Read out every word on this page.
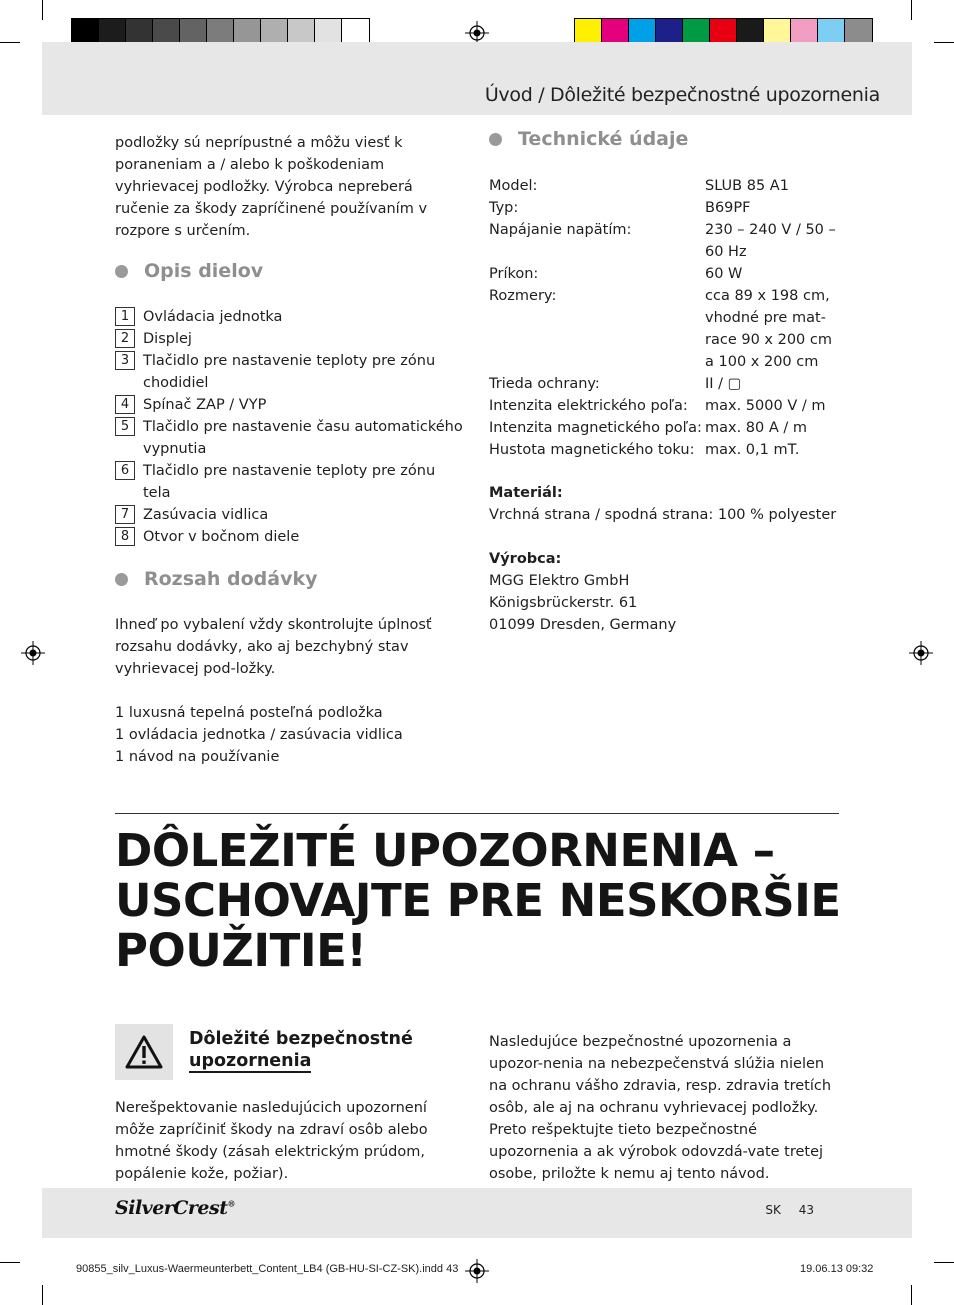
Úvod / Dôležité bezpečnostné upozornenia

podložky sú neprípustné a môžu viesť k poraneniam a / alebo k poškodeniam vyhrievacej podložky. Výrobca nepreberá ručenie za škody zapríčinené používaním v rozpore s určením.

Opis dielov
1 Ovládacia jednotka
2 Displej
3 Tlačidlo pre nastavenie teploty pre zónu chodidiel
4 Spínač ZAP / VYP
5 Tlačidlo pre nastavenie času automatického vypnutia
6 Tlačidlo pre nastavenie teploty pre zónu tela
7 Zasúvacia vidlica
8 Otvor v bočnom diele
Rozsah dodávky

Ihneď po vybalení vždy skontrolujte úplnosť rozsahu dodávky, ako aj bezchybný stav vyhrievacej pod-ložky.

1 luxusná tepelná posteľná podložka

1 ovládacia jednotka / zasúvacia vidlica

1 návod na používanie

Technické údaje
Model:	SLUB 85 A1
Typ:	B69PF
Napájanie napätím:	230 – 240 V / 50 – 60 Hz
Príkon:	60 W
Rozmery:	cca 89 x 198 cm, vhodné pre mat-race 90 x 200 cm a 100 x 200 cm
Trieda ochrany:	II / ▢
Intenzita elektrického poľa:	max. 5000 V / m
Intenzita magnetického poľa: max. 80 A / m
Hustota magnetického toku: max. 0,1 mT.

Materiál:

Vrchná strana / spodná strana: 100 % polyester

Výrobca:

MGG Elektro GmbH

Königsbrückerstr. 61

01099 Dresden, Germany

DÔLEŽITÉ UPOZORNENIA –
USCHOVAJTE PRE NESKORŠIE
POUŽITIE!
Dôležité bezpečnostné
upozornenia

Nerešpektovanie nasledujúcich upozornení môže zapríčiniť škody na zdraví osôb alebo hmotné škody (zásah elektrickým prúdom, popálenie kože, požiar).

Nasledujúce bezpečnostné upozornenia a upozor-nenia na nebezpečenstvá slúžia nielen na ochranu vášho zdravia, resp. zdravia tretích osôb, ale aj na ochranu vyhrievacej podložky. Preto rešpektujte tieto bezpečnostné upozornenia a ak výrobok odovzdá-vate tretej osobe, priložte k nemu aj tento návod.

SilverCrest®	SK 43
90855_silv_Luxus-Waermeunterbett_Content_LB4 (GB-HU-SI-CZ-SK).indd 43	19.06.13 09:32
